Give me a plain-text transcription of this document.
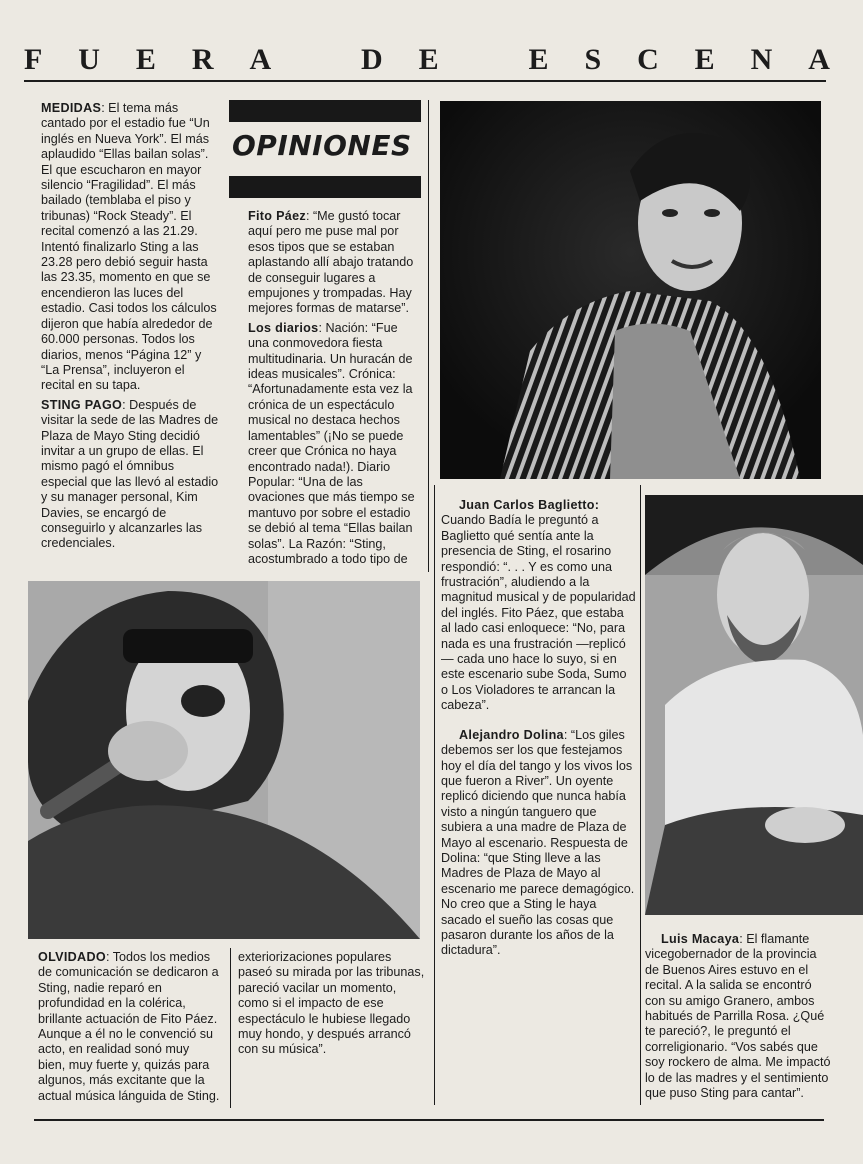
F U E R A	D E	E S C E N A

MEDIDAS: El tema más cantado por el estadio fue “Un inglés en Nueva York”. El más aplaudido “Ellas bailan solas”. El que escucharon en mayor silencio “Fragilidad”. El más bailado (temblaba el piso y tribunas) “Rock Steady”. El recital comenzó a las 21.29. Intentó finalizarlo Sting a las 23.28 pero debió seguir hasta las 23.35, momento en que se encendieron las luces del estadio. Casi todos los cálculos dijeron que había alrededor de 60.000 personas. Todos los diarios, menos “Página 12” y “La Prensa”, incluyeron el recital en su tapa.

STING PAGO: Después de visitar la sede de las Madres de Plaza de Mayo Sting decidió invitar a un grupo de ellas. El mismo pagó el ómnibus especial que las llevó al estadio y su manager personal, Kim Davies, se encargó de conseguirlo y alcanzarles las credenciales.

OPINIONES

Fito Páez: “Me gustó tocar aquí pero me puse mal por esos tipos que se estaban aplastando allí abajo tratando de conseguir lugares a empujones y trompadas. Hay mejores formas de matarse”.

Los diarios: Nación: “Fue una conmovedora fiesta multitudinaria. Un huracán de ideas musicales”. Crónica: “Afortunadamente esta vez la crónica de un espectáculo musical no destaca hechos lamentables” (¡No se puede creer que Crónica no haya encontrado nada!). Diario Popular: “Una de las ovaciones que más tiempo se mantuvo por sobre el estadio se debió al tema “Ellas bailan solas”. La Razón: “Sting, acostumbrado a todo tipo de

OLVIDADO: Todos los medios de comunicación se dedicaron a Sting, nadie reparó en profundidad en la colérica, brillante actuación de Fito Páez. Aunque a él no le convenció su acto, en realidad sonó muy bien, muy fuerte y, quizás para algunos, más excitante que la actual música lánguida de Sting.

exteriorizaciones populares paseó su mirada por las tribunas, pareció vacilar un momento, como si el impacto de ese espectáculo le hubiese llegado muy hondo, y después arrancó con su música”.

Juan Carlos Baglietto:

Cuando Badía le preguntó a Baglietto qué sentía ante la presencia de Sting, el rosarino respondió: “. . . Y es como una frustración”, aludiendo a la magnitud musical y de popularidad del inglés. Fito Páez, que estaba al lado casi enloquece: “No, para nada es una frustración —replicó— cada uno hace lo suyo, si en este escenario sube Soda, Sumo o Los Violadores te arrancan la cabeza”.

Alejandro Dolina: “Los giles debemos ser los que festejamos hoy el día del tango y los vivos los que fueron a River”. Un oyente replicó diciendo que nunca había visto a ningún tanguero que subiera a una madre de Plaza de Mayo al escenario. Respuesta de Dolina: “que Sting lleve a las Madres de Plaza de Mayo al escenario me parece demagógico. No creo que a Sting le haya sacado el sueño las cosas que pasaron durante los años de la dictadura”.

Luis Macaya: El flamante vicegobernador de la provincia de Buenos Aires estuvo en el recital. A la salida se encontró con su amigo Granero, ambos habitués de Parrilla Rosa. ¿Qué te pareció?, le preguntó el correligionario. “Vos sabés que soy rockero de alma. Me impactó lo de las madres y el sentimiento que puso Sting para cantar”.
